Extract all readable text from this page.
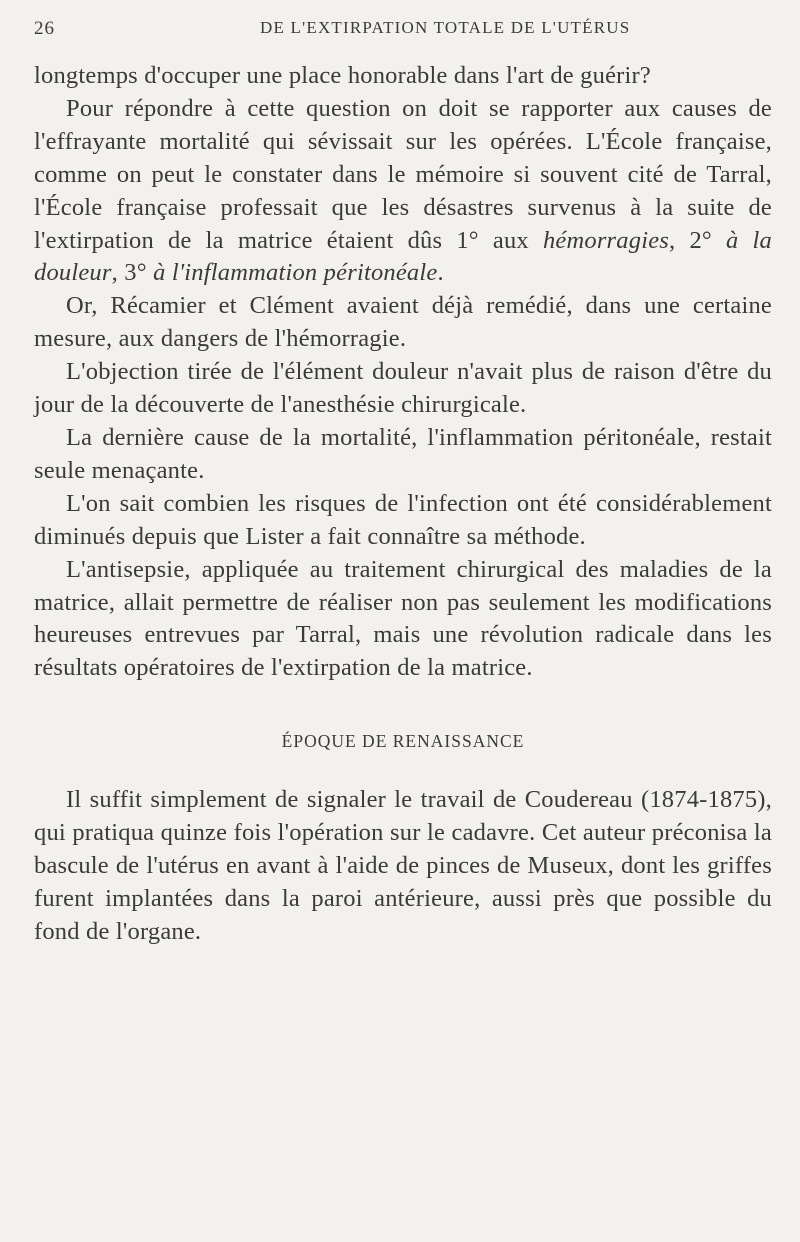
26	DE L'EXTIRPATION TOTALE DE L'UTÉRUS

longtemps d'occuper une place honorable dans l'art de guérir?

Pour répondre à cette question on doit se rapporter aux causes de l'effrayante mortalité qui sévissait sur les opérées. L'École française, comme on peut le constater dans le mémoire si souvent cité de Tarral, l'École française professait que les désastres survenus à la suite de l'extirpation de la matrice étaient dûs 1° aux hémorragies, 2° à la douleur, 3° à l'inflammation péritonéale.

Or, Récamier et Clément avaient déjà remédié, dans une certaine mesure, aux dangers de l'hémorragie.

L'objection tirée de l'élément douleur n'avait plus de raison d'être du jour de la découverte de l'anesthésie chirurgicale.

La dernière cause de la mortalité, l'inflammation péritonéale, restait seule menaçante.

L'on sait combien les risques de l'infection ont été considérablement diminués depuis que Lister a fait connaître sa méthode.

L'antisepsie, appliquée au traitement chirurgical des maladies de la matrice, allait permettre de réaliser non pas seulement les modifications heureuses entrevues par Tarral, mais une révolution radicale dans les résultats opératoires de l'extirpation de la matrice.

ÉPOQUE DE RENAISSANCE

Il suffit simplement de signaler le travail de Coudereau (1874-1875), qui pratiqua quinze fois l'opération sur le cadavre. Cet auteur préconisa la bascule de l'utérus en avant à l'aide de pinces de Museux, dont les griffes furent implantées dans la paroi antérieure, aussi près que possible du fond de l'organe.
